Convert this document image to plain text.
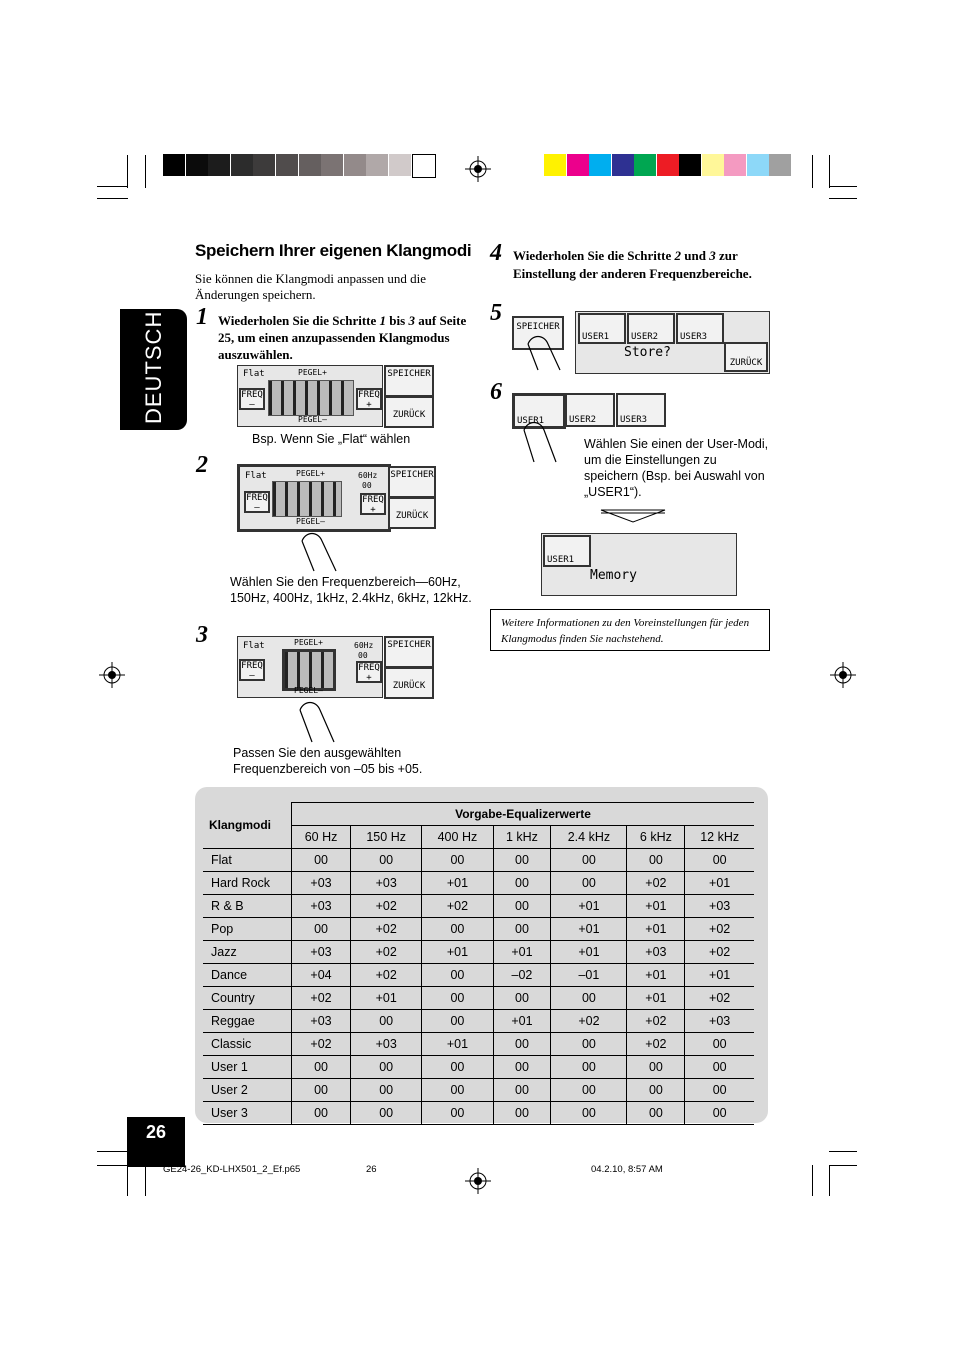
DEUTSCH
26
Speichern Ihrer eigenen Klangmodi
Sie können die Klangmodi anpassen und die Änderungen speichern.
1 Wiederholen Sie die Schritte 1 bis 3 auf Seite 25, um einen anzupassenden Klangmodus auszuwählen.
Flat
FREQ
–
PEGEL+
PEGEL–
FREQ
+
SPEICHER
ZURÜCK
Bsp. Wenn Sie „Flat“ wählen
2	Flat
FREQ
–
PEGEL+
PEGEL–
60Hz
00
FREQ
+
SPEICHER
ZURÜCK
Wählen Sie den Frequenzbereich—60Hz, 150Hz, 400Hz, 1kHz, 2.4kHz, 6kHz, 12kHz.
3	Flat
FREQ
–
PEGEL+
PEGEL–
60Hz
00
FREQ
+
SPEICHER
ZURÜCK
Passen Sie den ausgewählten Frequenzbereich von –05 bis +05.
4 Wiederholen Sie die Schritte 2 und 3 zur Einstellung der anderen Frequenzbereiche.
5
SPEICHER
USER1 USER2 USER3
Store?
ZURÜCK
6
USER1	USER2	USER3
Wählen Sie einen der User-Modi, um die Einstellungen zu speichern (Bsp. bei Auswahl von „USER1“).
USER1
Memory
Weitere Informationen zu den Voreinstellungen für jeden Klangmodus finden Sie nachstehend.
Klangmodi	Vorgabe-Equalizerwerte						
	60 Hz	150 Hz	400 Hz	1 kHz	2.4 kHz	6 kHz	12 kHz
Flat	00	00	00	00	00	00	00
Hard Rock	+03	+03	+01	00	00	+02	+01
R & B	+03	+02	+02	00	+01	+01	+03
Pop	00	+02	00	00	+01	+01	+02
Jazz	+03	+02	+01	+01	+01	+03	+02
Dance	+04	+02	00	–02	–01	+01	+01
Country	+02	+01	00	00	00	+01	+02
Reggae	+03	00	00	+01	+02	+02	+03
Classic	+02	+03	+01	00	00	+02	00
User 1	00	00	00	00	00	00	00
User 2	00	00	00	00	00	00	00
User 3	00	00	00	00	00	00	00
GE24-26_KD-LHX501_2_Ef.p65	26	04.2.10, 8:57 AM
